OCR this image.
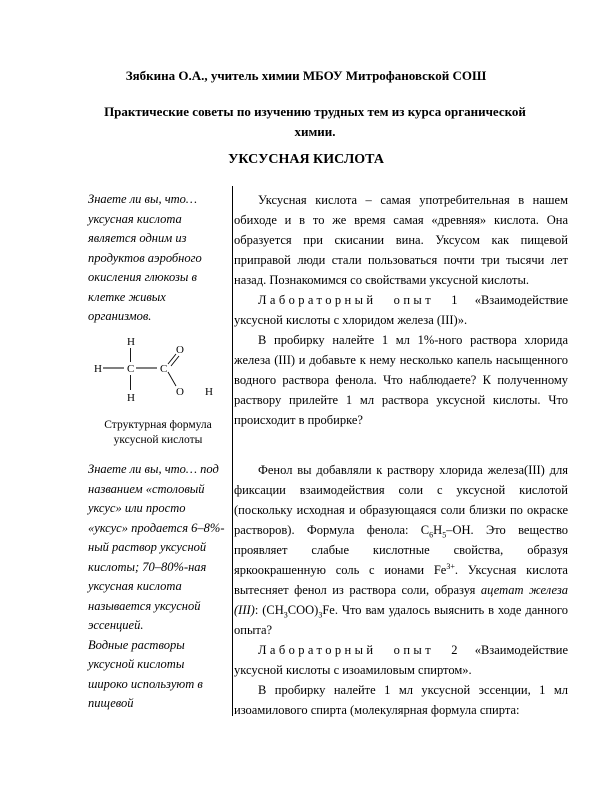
Зябкина О.А., учитель химии МБОУ Митрофановской СОШ
Практические советы по изучению трудных тем из курса органической химии.
УКСУСНАЯ КИСЛОТА

Знаете ли вы, что… уксусная кислота является одним из продуктов аэробного окисления глюкозы в клетке живых организмов.

H
H C C
O
O H
H
Структурная формула уксусной кислоты

Знаете ли вы, что… под названием «столовый уксус» или просто «уксус» продается 6–8%-ный раствор уксусной кислоты; 70–80%-ная уксусная кислота называется уксусной эссенцией.

Водные растворы уксусной кислоты широко используют в пищевой

Уксусная кислота – самая употребительная в нашем обиходе и в то же время самая «древняя» кислота. Она образуется при скисании вина. Уксусом как пищевой приправой люди стали пользоваться почти три тысячи лет назад. Познакомимся со свойствами уксусной кислоты.

Лабораторный опыт 1 «Взаимодействие уксусной кислоты с хлоридом железа (III)».

В пробирку налейте 1 мл 1%-ного раствора хлорида железа (III) и добавьте к нему несколько капель насыщенного водного раствора фенола. Что наблюдаете? К полученному раствору прилейте 1 мл раствора уксусной кислоты. Что происходит в пробирке?

Фенол вы добавляли к раствору хлорида железа(III) для фиксации взаимодействия соли с уксусной кислотой (поскольку исходная и образующаяся соли близки по окраске растворов). Формула фенола: $C_6H_5-OH$. Это вещество проявляет слабые кислотные свойства, образуя яркоокрашенную соль с ионами $Fe^{3+}$. Уксусная кислота вытесняет фенол из раствора соли, образуя ацетат железа (III): $(CH_3COO)_3Fe$. Что вам удалось выяснить в ходе данного опыта?

Лабораторный опыт 2 «Взаимодействие уксусной кислоты с изоамиловым спиртом».

В пробирку налейте 1 мл уксусной эссенции, 1 мл изоамилового спирта (молекулярная формула спирта:
